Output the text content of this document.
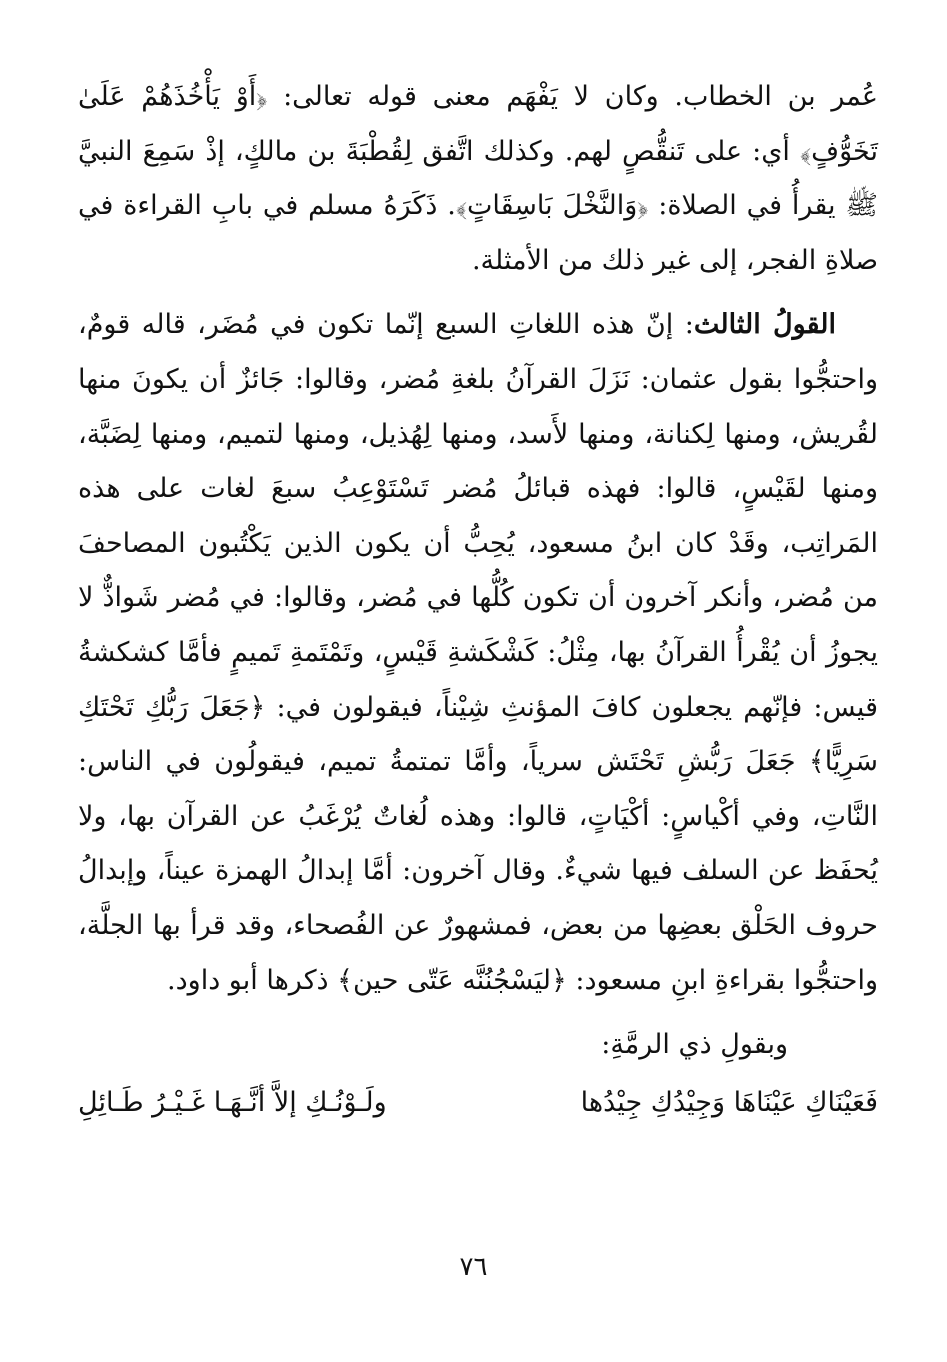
عُمر بن الخطاب. وكان لا يَفْهَم معنى قوله تعالى: ﴿أَوْ يَأْخُذَهُمْ عَلَىٰ تَخَوُّفٍ﴾ أي: على تَنقُّصٍ لهم. وكذلك اتَّفق لِقُطْبَةَ بن مالكٍ، إذْ سَمِعَ النبيَّ ﷺ يقرأُ في الصلاة: ﴿وَالنَّخْلَ بَاسِقَاتٍ﴾. ذَكَرَهُ مسلم في بابِ القراءة في صلاةِ الفجر، إلى غير ذلك من الأمثلة.

القولُ الثالث: إنّ هذه اللغاتِ السبع إنّما تكون في مُضَر، قاله قومٌ، واحتجُّوا بقول عثمان: نَزَلَ القرآنُ بلغةِ مُضر، وقالوا: جَائزٌ أن يكونَ منها لقُريش، ومنها لِكنانة، ومنها لأَسد، ومنها لِهُذيل، ومنها لتميم، ومنها لِضَبَّة، ومنها لقَيْسٍ، قالوا: فهذه قبائلُ مُضر تَسْتَوْعِبُ سبعَ لغات على هذه المَراتِب، وقَدْ كان ابنُ مسعود، يُحِبُّ أن يكون الذين يَكْتُبون المصاحفَ من مُضر، وأنكر آخرون أن تكون كُلُّها في مُضر، وقالوا: في مُضر شَواذٌّ لا يجوزُ أن يُقْرأُ القرآنُ بها، مِثْلُ: كَشْكَشةِ قَيْسٍ، وتَمْتَمةِ تَميمٍ فأمَّا كشكشةُ قيس: فإنّهم يجعلون كافَ المؤنثِ شِيْناً، فيقولون في: ﴿جَعَلَ رَبُّكِ تَحْتَكِ سَرِيًّا﴾ جَعَلَ رَبُّشِ تَحْتَش سرياً، وأمَّا تمتمةُ تميم، فيقولُون في الناس: النَّاتِ، وفي أكْياسٍ: أكْيَاتٍ، قالوا: وهذه لُغاتٌ يُرْغَبُ عن القرآن بها، ولا يُحفَظ عن السلف فيها شيءٌ. وقال آخرون: أمَّا إبدالُ الهمزة عيناً، وإبدالُ حروف الحَلْق بعضِها من بعض، فمشهورٌ عن الفُصحاء، وقد قرأ بها الجلَّة، واحتجُّوا بقراءةِ ابنِ مسعود: ﴿ليَسْجُنُنَّه عَتّى حين﴾ ذكرها أبو داود.

وبقولِ ذي الرمَّةِ:

فَعَيْنَاكِ عَيْنَاهَا وَجِيْدُكِ جِيْدُها
ولَـوْنُـكِ إلاَّ أنَّـهَـا غَـيْـرُ طَـائِلِ
٧٦
